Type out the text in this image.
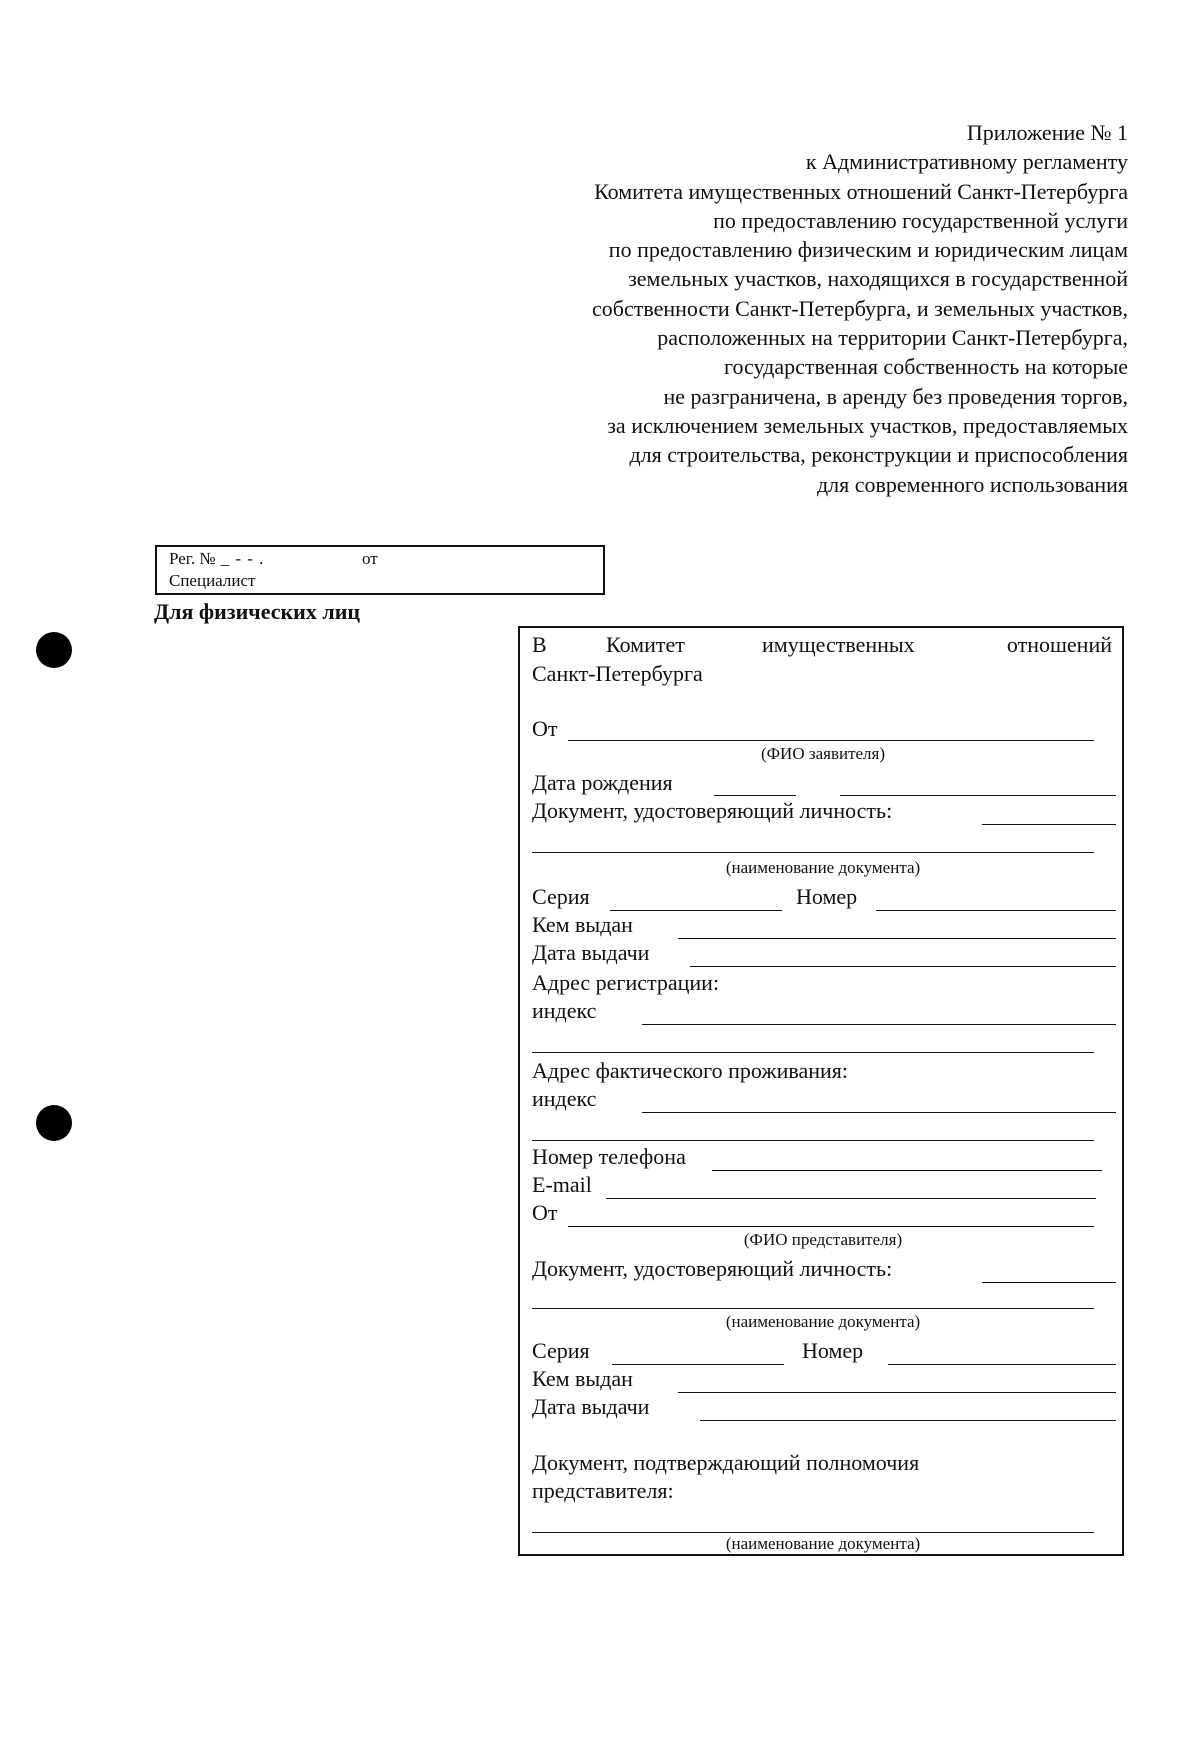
Приложение № 1
к Административному регламенту
Комитета имущественных отношений Санкт-Петербурга
по предоставлению государственной услуги
по предоставлению физическим и юридическим лицам
земельных участков, находящихся в государственной
собственности Санкт-Петербурга, и земельных участков,
расположенных на территории Санкт-Петербурга,
государственная собственность на которые
не разграничена, в аренду без проведения торгов,
за исключением земельных участков, предоставляемых
для строительства, реконструкции и приспособления
для современного использования
Рег. № _ - - .	от
Специалист
Для физических лиц
В	Комитет	имущественных	отношений
Санкт-Петербурга
От
(ФИО заявителя)
Дата рождения
Документ, удостоверяющий личность:
(наименование документа)
Серия	Номер
Кем выдан
Дата выдачи
Адрес регистрации:
индекс
Адрес фактического проживания:
индекс
Номер телефона
E-mail
От
(ФИО представителя)
Документ, удостоверяющий личность:
(наименование документа)
Серия	Номер
Кем выдан
Дата выдачи
Документ, подтверждающий полномочия
представителя:
(наименование документа)
